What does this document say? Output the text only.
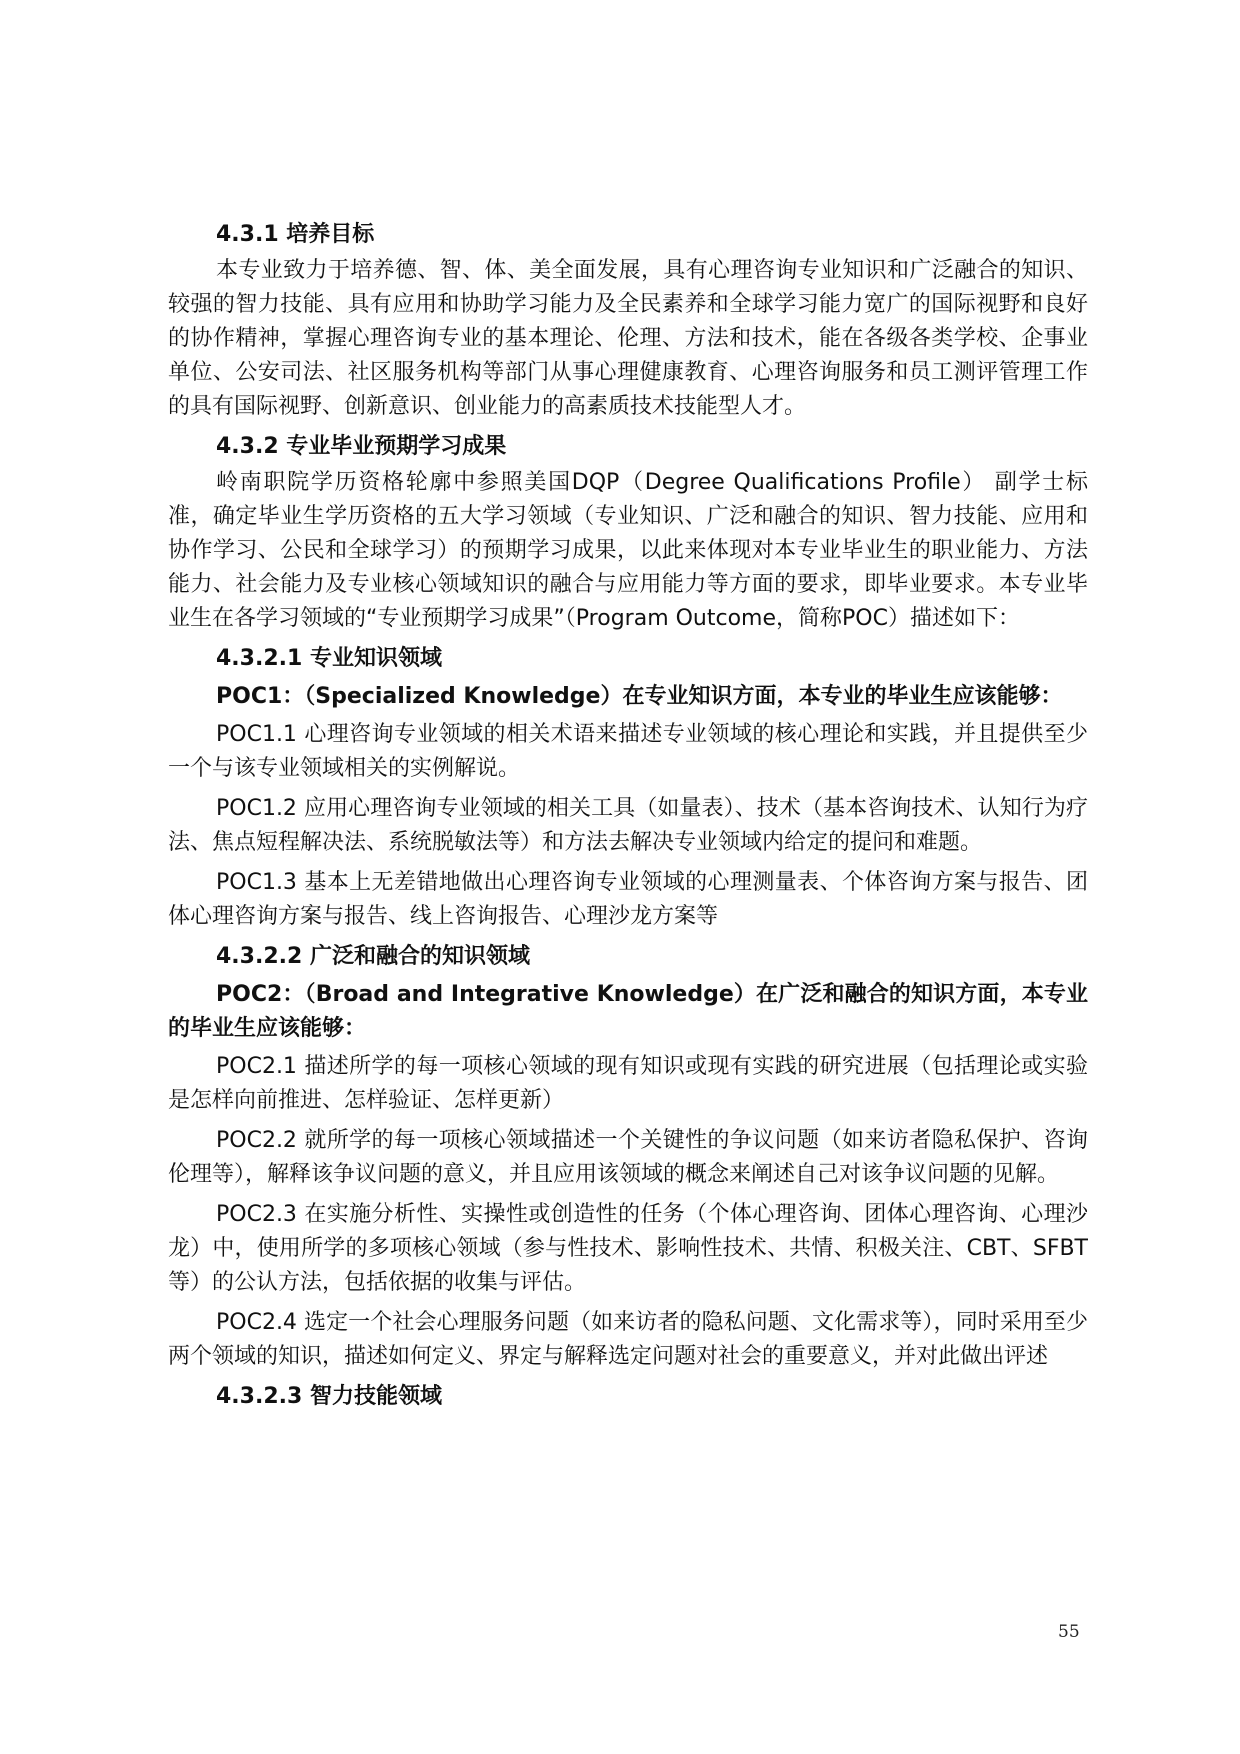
4.3.1 培养目标

本专业致力于培养德、智、体、美全面发展，具有心理咨询专业知识和广泛融合的知识、较强的智力技能、具有应用和协助学习能力及全民素养和全球学习能力宽广的国际视野和良好的协作精神，掌握心理咨询专业的基本理论、伦理、方法和技术，能在各级各类学校、企事业单位、公安司法、社区服务机构等部门从事心理健康教育、心理咨询服务和员工测评管理工作的具有国际视野、创新意识、创业能力的高素质技术技能型人才。

4.3.2 专业毕业预期学习成果

岭南职院学历资格轮廓中参照美国DQP（Degree Qualifications Profile） 副学士标准，确定毕业生学历资格的五大学习领域（专业知识、广泛和融合的知识、智力技能、应用和协作学习、公民和全球学习）的预期学习成果，以此来体现对本专业毕业生的职业能力、方法能力、社会能力及专业核心领域知识的融合与应用能力等方面的要求，即毕业要求。本专业毕业生在各学习领域的“专业预期学习成果”（Program Outcome，简称POC）描述如下：

4.3.2.1 专业知识领域

POC1：（Specialized Knowledge）在专业知识方面，本专业的毕业生应该能够：

POC1.1 心理咨询专业领域的相关术语来描述专业领域的核心理论和实践，并且提供至少一个与该专业领域相关的实例解说。

POC1.2 应用心理咨询专业领域的相关工具（如量表）、技术（基本咨询技术、认知行为疗法、焦点短程解决法、系统脱敏法等）和方法去解决专业领域内给定的提问和难题。

POC1.3 基本上无差错地做出心理咨询专业领域的心理测量表、个体咨询方案与报告、团体心理咨询方案与报告、线上咨询报告、心理沙龙方案等

4.3.2.2 广泛和融合的知识领域

POC2：（Broad and Integrative Knowledge）在广泛和融合的知识方面，本专业的毕业生应该能够：

POC2.1 描述所学的每一项核心领域的现有知识或现有实践的研究进展（包括理论或实验是怎样向前推进、怎样验证、怎样更新）

POC2.2 就所学的每一项核心领域描述一个关键性的争议问题（如来访者隐私保护、咨询伦理等），解释该争议问题的意义，并且应用该领域的概念来阐述自己对该争议问题的见解。

POC2.3 在实施分析性、实操性或创造性的任务（个体心理咨询、团体心理咨询、心理沙龙）中，使用所学的多项核心领域（参与性技术、影响性技术、共情、积极关注、CBT、SFBT等）的公认方法，包括依据的收集与评估。

POC2.4 选定一个社会心理服务问题（如来访者的隐私问题、文化需求等），同时采用至少两个领域的知识，描述如何定义、界定与解释选定问题对社会的重要意义，并对此做出评述

4.3.2.3 智力技能领域

55
